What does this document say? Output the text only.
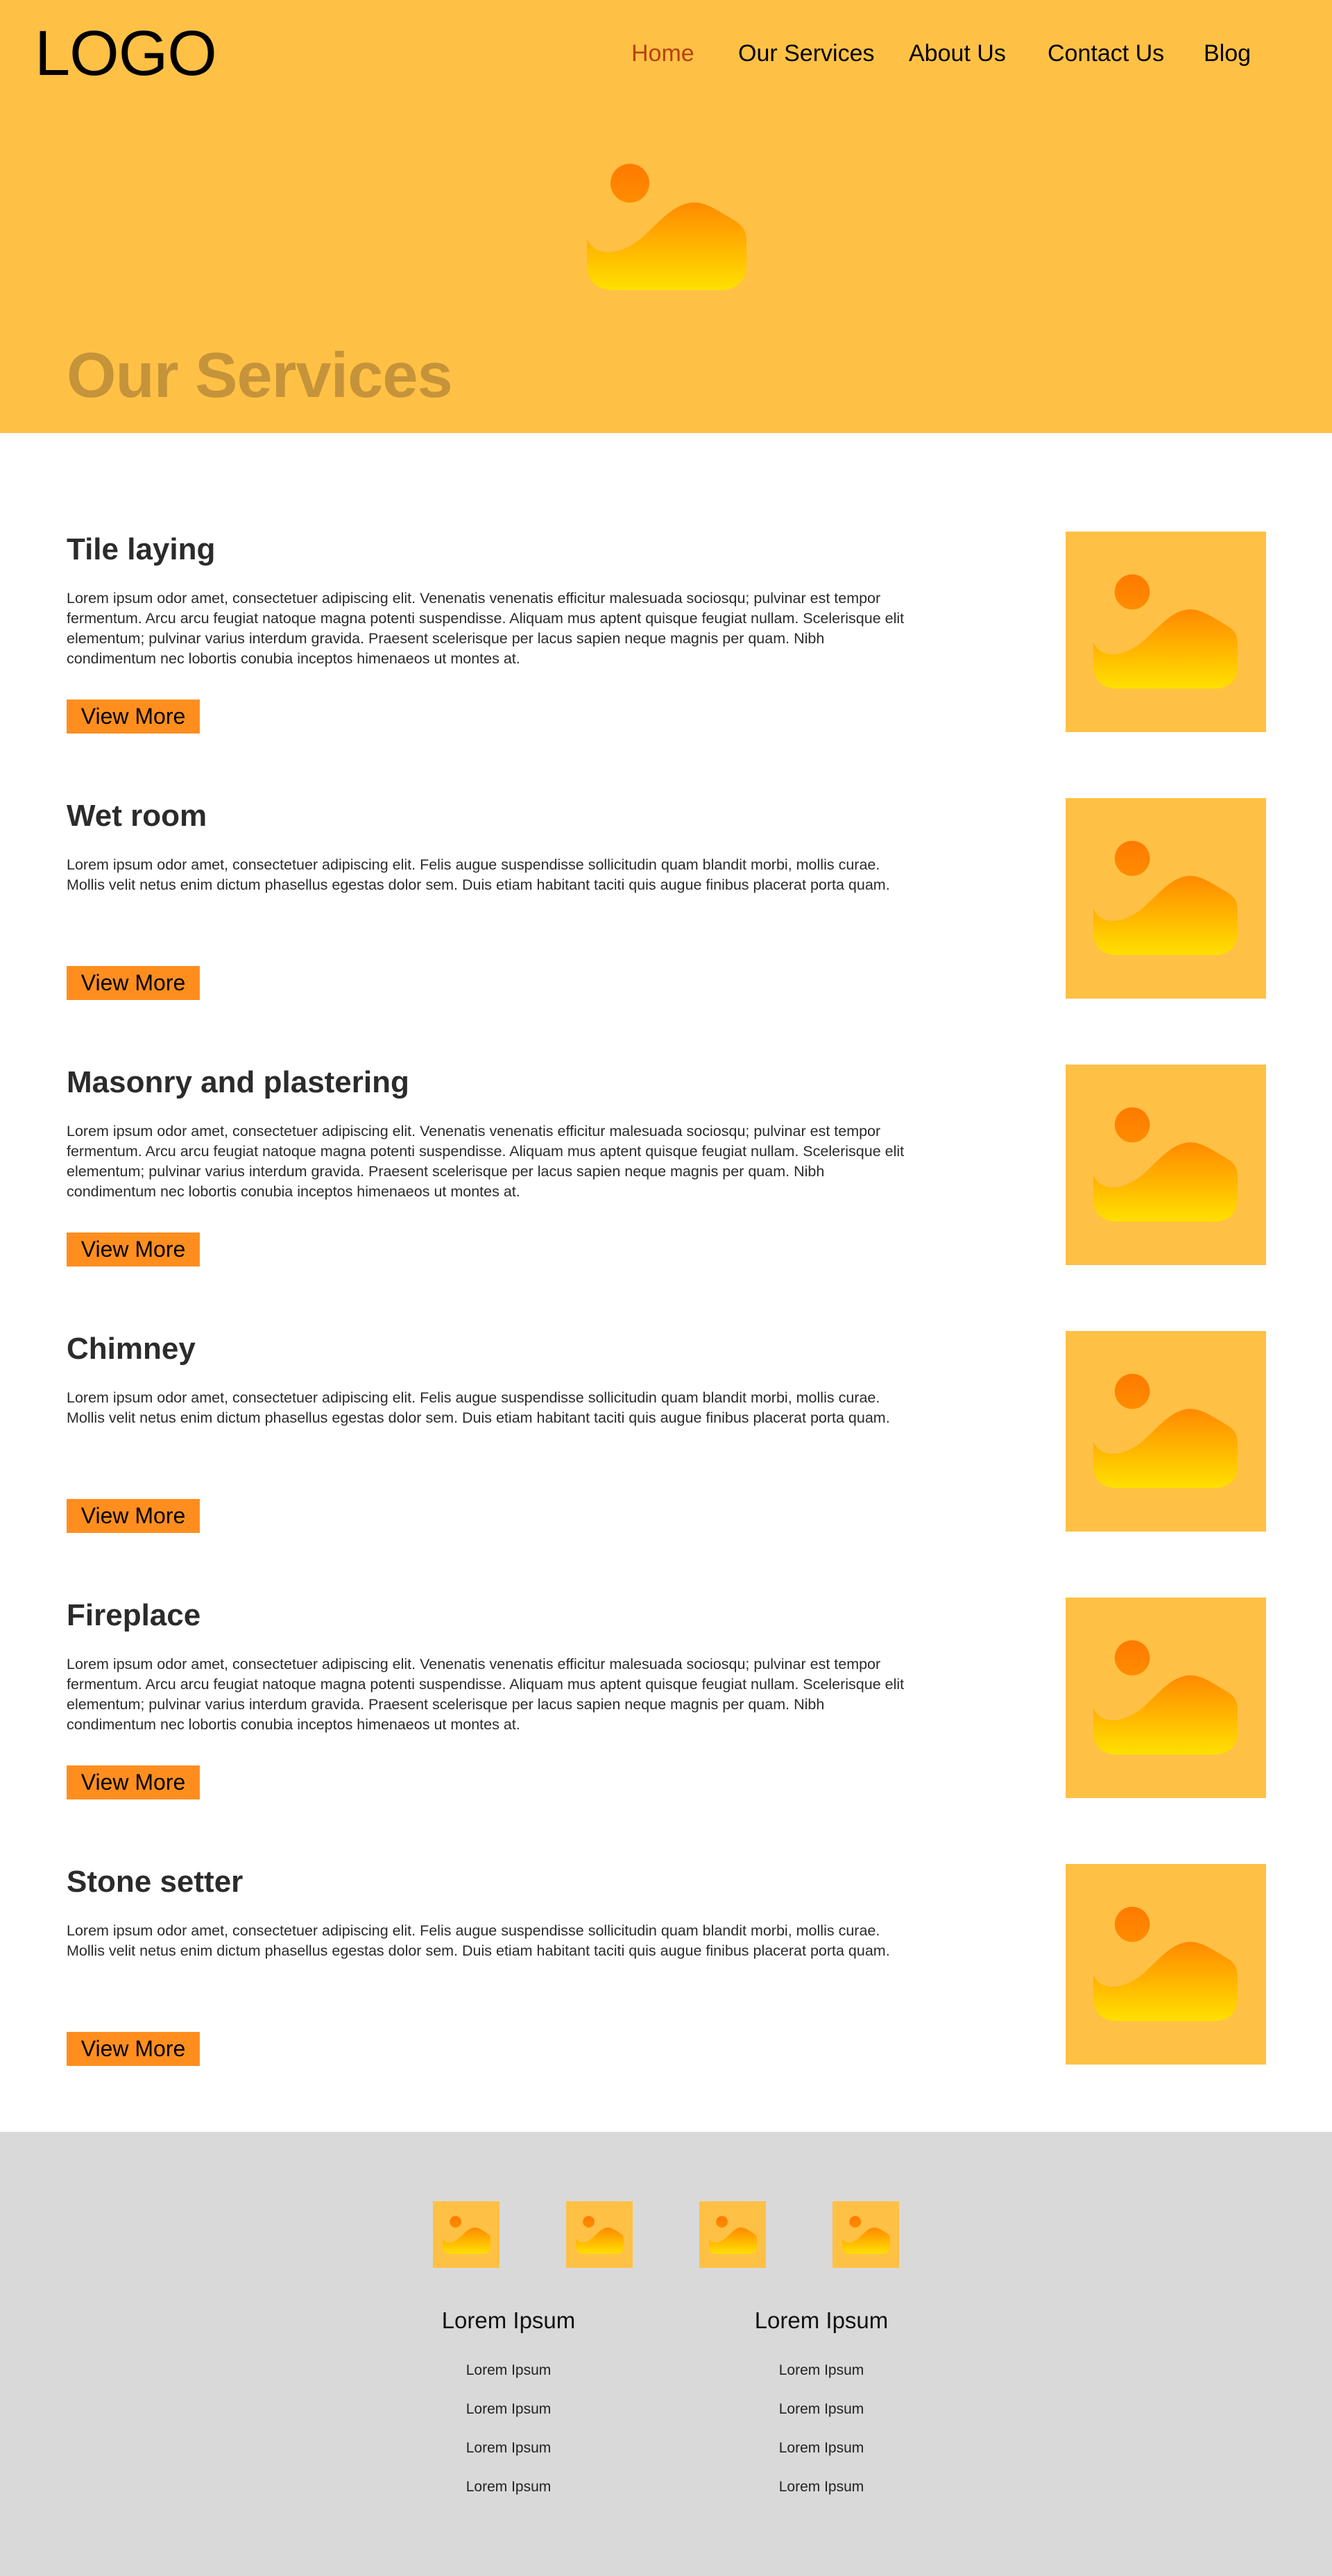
LOGO	Home Our Services About Us Contact Us Blog
Our Services
Tile laying

Lorem ipsum odor amet, consectetuer adipiscing elit. Venenatis venenatis efficitur malesuada sociosqu; pulvinar est tempor fermentum. Arcu arcu feugiat natoque magna potenti suspendisse. Aliquam mus aptent quisque feugiat nullam. Scelerisque elit elementum; pulvinar varius interdum gravida. Praesent scelerisque per lacus sapien neque magnis per quam. Nibh condimentum nec lobortis conubia inceptos himenaeos ut montes at.

View More
Wet room

Lorem ipsum odor amet, consectetuer adipiscing elit. Felis augue suspendisse sollicitudin quam blandit morbi, mollis curae. Mollis velit netus enim dictum phasellus egestas dolor sem. Duis etiam habitant taciti quis augue finibus placerat porta quam.

View More
Masonry and plastering

Lorem ipsum odor amet, consectetuer adipiscing elit. Venenatis venenatis efficitur malesuada sociosqu; pulvinar est tempor fermentum. Arcu arcu feugiat natoque magna potenti suspendisse. Aliquam mus aptent quisque feugiat nullam. Scelerisque elit elementum; pulvinar varius interdum gravida. Praesent scelerisque per lacus sapien neque magnis per quam. Nibh condimentum nec lobortis conubia inceptos himenaeos ut montes at.

View More
Chimney

Lorem ipsum odor amet, consectetuer adipiscing elit. Felis augue suspendisse sollicitudin quam blandit morbi, mollis curae. Mollis velit netus enim dictum phasellus egestas dolor sem. Duis etiam habitant taciti quis augue finibus placerat porta quam.

View More
Fireplace

Lorem ipsum odor amet, consectetuer adipiscing elit. Venenatis venenatis efficitur malesuada sociosqu; pulvinar est tempor fermentum. Arcu arcu feugiat natoque magna potenti suspendisse. Aliquam mus aptent quisque feugiat nullam. Scelerisque elit elementum; pulvinar varius interdum gravida. Praesent scelerisque per lacus sapien neque magnis per quam. Nibh condimentum nec lobortis conubia inceptos himenaeos ut montes at.

View More
Stone setter

Lorem ipsum odor amet, consectetuer adipiscing elit. Felis augue suspendisse sollicitudin quam blandit morbi, mollis curae. Mollis velit netus enim dictum phasellus egestas dolor sem. Duis etiam habitant taciti quis augue finibus placerat porta quam.

View More
Lorem Ipsum
Lorem Ipsum
Lorem Ipsum
Lorem Ipsum
Lorem Ipsum
Lorem Ipsum
Lorem Ipsum
Lorem Ipsum
Lorem Ipsum
Lorem Ipsum
